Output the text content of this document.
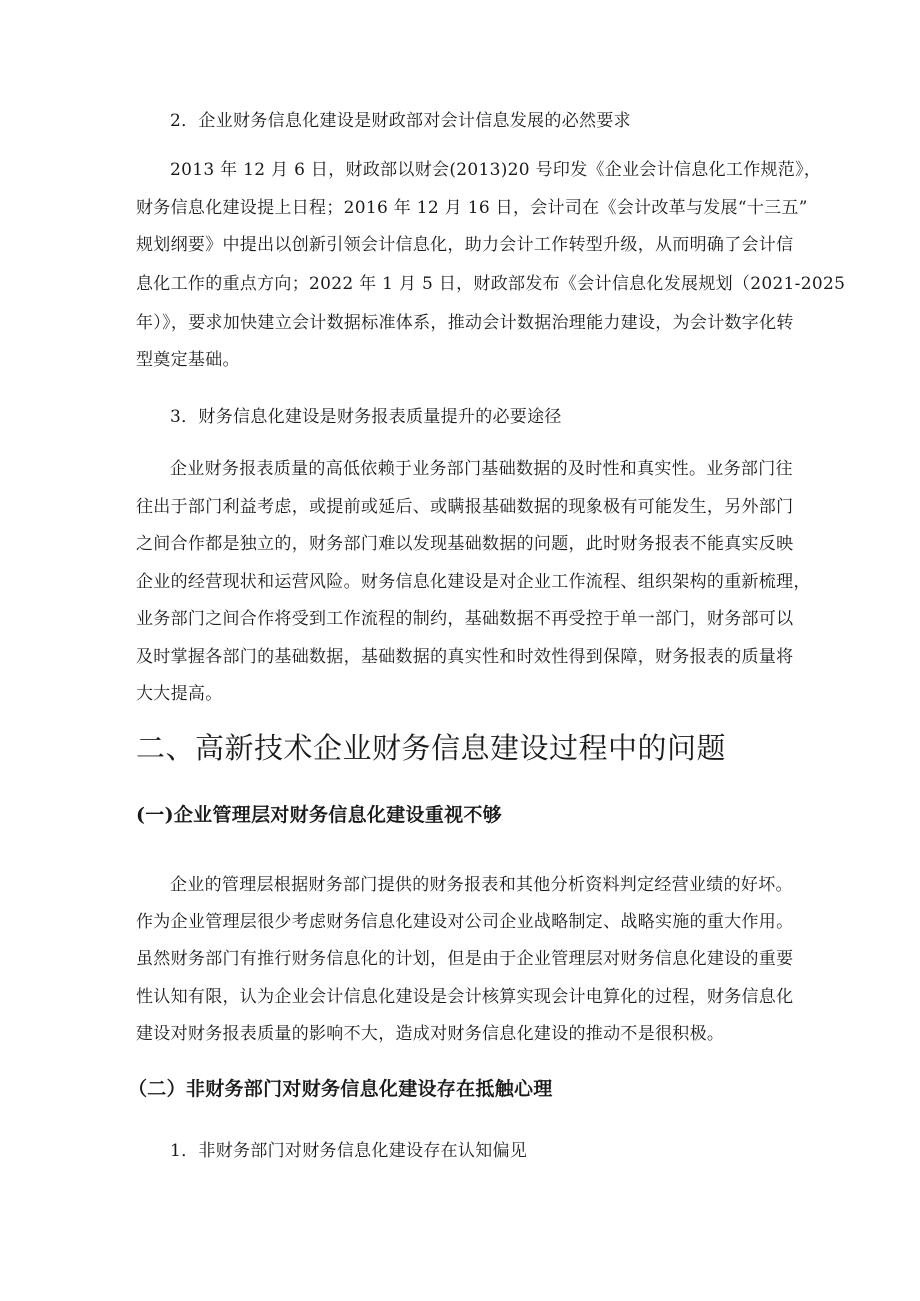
2．企业财务信息化建设是财政部对会计信息发展的必然要求

2013 年 12 月 6 日，财政部以财会(2013)20 号印发《企业会计信息化工作规范》，

财务信息化建设提上日程；2016 年 12 月 16 日，会计司在《会计改革与发展“十三五”

规划纲要》中提出以创新引领会计信息化，助力会计工作转型升级，从而明确了会计信

息化工作的重点方向；2022 年 1 月 5 日，财政部发布《会计信息化发展规划（2021-2025

年）》，要求加快建立会计数据标准体系，推动会计数据治理能力建设，为会计数字化转

型奠定基础。

3．财务信息化建设是财务报表质量提升的必要途径

企业财务报表质量的高低依赖于业务部门基础数据的及时性和真实性。业务部门往

往出于部门利益考虑，或提前或延后、或瞒报基础数据的现象极有可能发生，另外部门

之间合作都是独立的，财务部门难以发现基础数据的问题，此时财务报表不能真实反映

企业的经营现状和运营风险。财务信息化建设是对企业工作流程、组织架构的重新梳理，

业务部门之间合作将受到工作流程的制约，基础数据不再受控于单一部门，财务部可以

及时掌握各部门的基础数据，基础数据的真实性和时效性得到保障，财务报表的质量将

大大提高。

二、高新技术企业财务信息建设过程中的问题
(一)企业管理层对财务信息化建设重视不够

企业的管理层根据财务部门提供的财务报表和其他分析资料判定经营业绩的好坏。

作为企业管理层很少考虑财务信息化建设对公司企业战略制定、战略实施的重大作用。

虽然财务部门有推行财务信息化的计划，但是由于企业管理层对财务信息化建设的重要

性认知有限，认为企业会计信息化建设是会计核算实现会计电算化的过程，财务信息化

建设对财务报表质量的影响不大，造成对财务信息化建设的推动不是很积极。

（二）非财务部门对财务信息化建设存在抵触心理

1．非财务部门对财务信息化建设存在认知偏见
